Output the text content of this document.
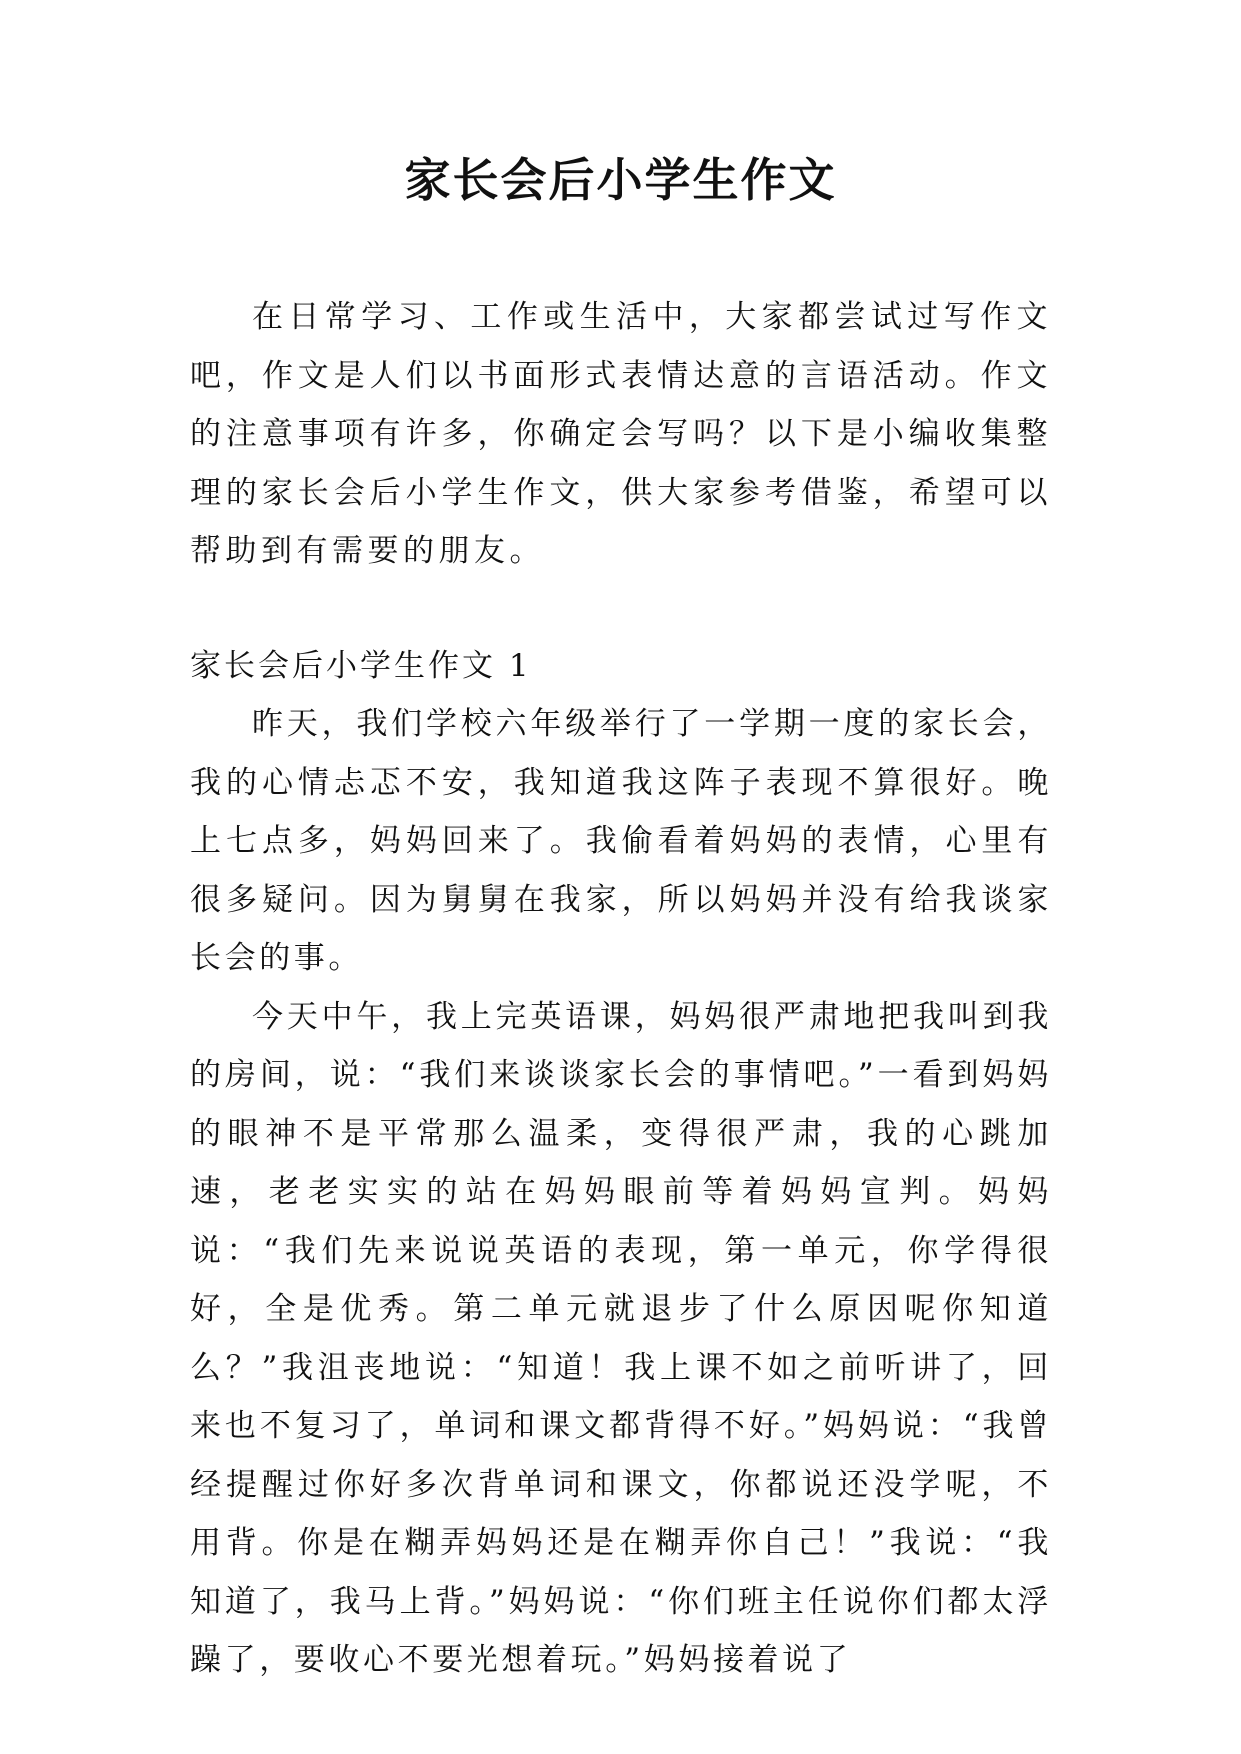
家长会后小学生作文

在日常学习、工作或生活中，大家都尝试过写作文吧，作文是人们以书面形式表情达意的言语活动。作文的注意事项有许多，你确定会写吗？以下是小编收集整理的家长会后小学生作文，供大家参考借鉴，希望可以帮助到有需要的朋友。

家长会后小学生作文 1

昨天，我们学校六年级举行了一学期一度的家长会，我的心情忐忑不安，我知道我这阵子表现不算很好。晚上七点多，妈妈回来了。我偷看着妈妈的表情，心里有很多疑问。因为舅舅在我家，所以妈妈并没有给我谈家长会的事。

今天中午，我上完英语课，妈妈很严肃地把我叫到我的房间，说：“我们来谈谈家长会的事情吧。”一看到妈妈的眼神不是平常那么温柔，变得很严肃，我的心跳加速，老老实实的站在妈妈眼前等着妈妈宣判。妈妈说：“我们先来说说英语的表现，第一单元，你学得很好，全是优秀。第二单元就退步了什么原因呢你知道么？”我沮丧地说：“知道！我上课不如之前听讲了，回来也不复习了，单词和课文都背得不好。”妈妈说：“我曾经提醒过你好多次背单词和课文，你都说还没学呢，不用背。你是在糊弄妈妈还是在糊弄你自己！”我说：“我知道了，我马上背。”妈妈说：“你们班主任说你们都太浮躁了，要收心不要光想着玩。”妈妈接着说了
